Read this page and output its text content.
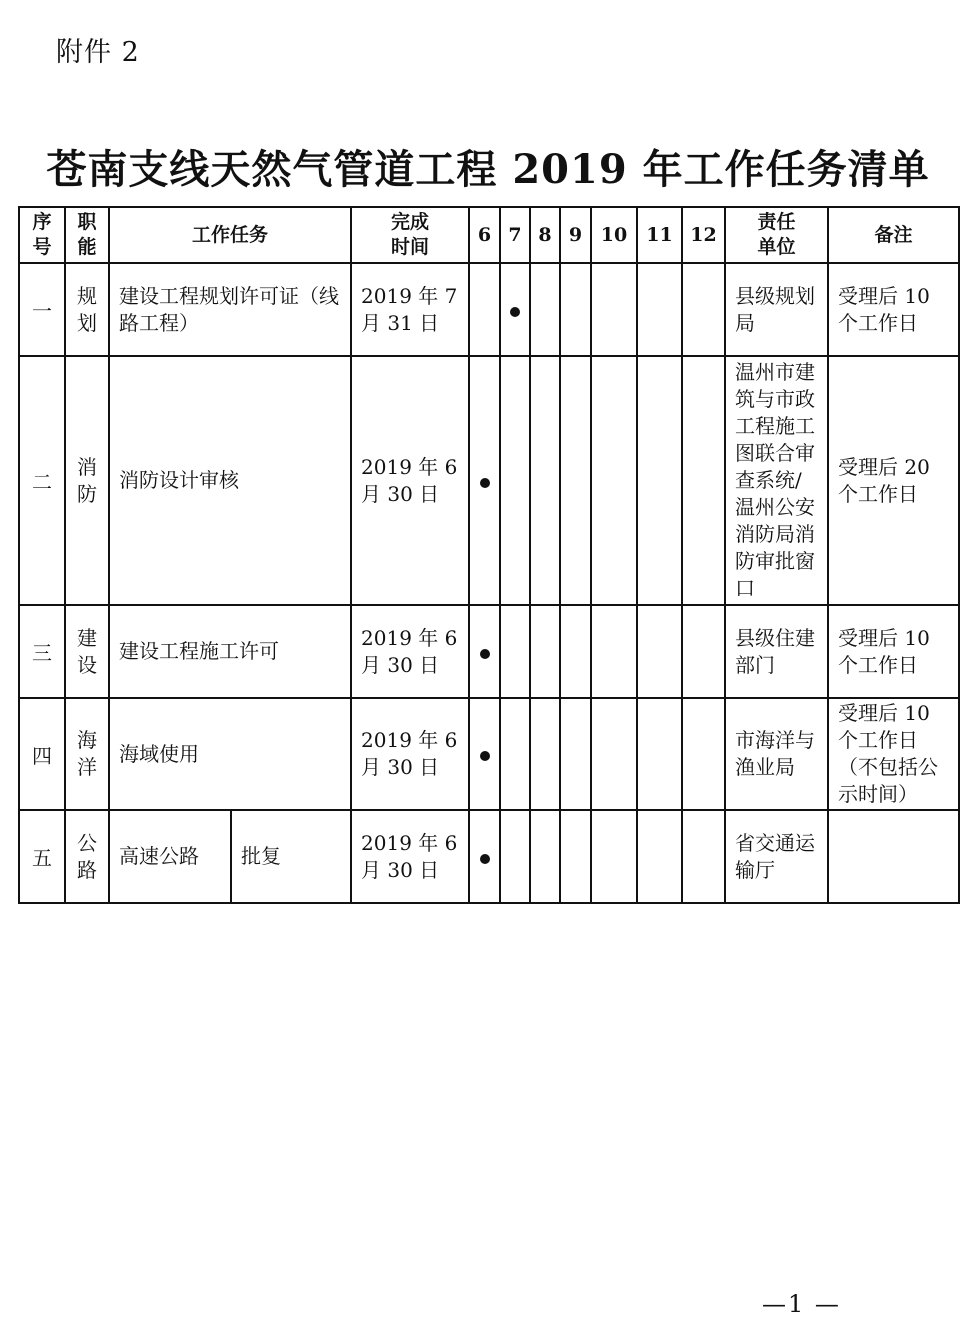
附件 2
苍南支线天然气管道工程 2019 年工作任务清单
序号	职能	工作任务		完成时间	6	7	8	9	10	11	12	责任单位	备注
一	规划	建设工程规划许可证（线路工程）		2019 年 7 月 31 日								县级规划局	受理后 10 个工作日
二	消防	消防设计审核		2019 年 6 月 30 日								温州市建筑与市政工程施工图联合审查系统/温州公安消防局消防审批窗口	受理后 20 个工作日
三	建设	建设工程施工许可		2019 年 6 月 30 日								县级住建部门	受理后 10 个工作日
四	海洋	海域使用		2019 年 6 月 30 日								市海洋与渔业局	受理后 10 个工作日（不包括公示时间）
五	公路	高速公路	批复	2019 年 6 月 30 日								省交通运输厅	
—1 —
